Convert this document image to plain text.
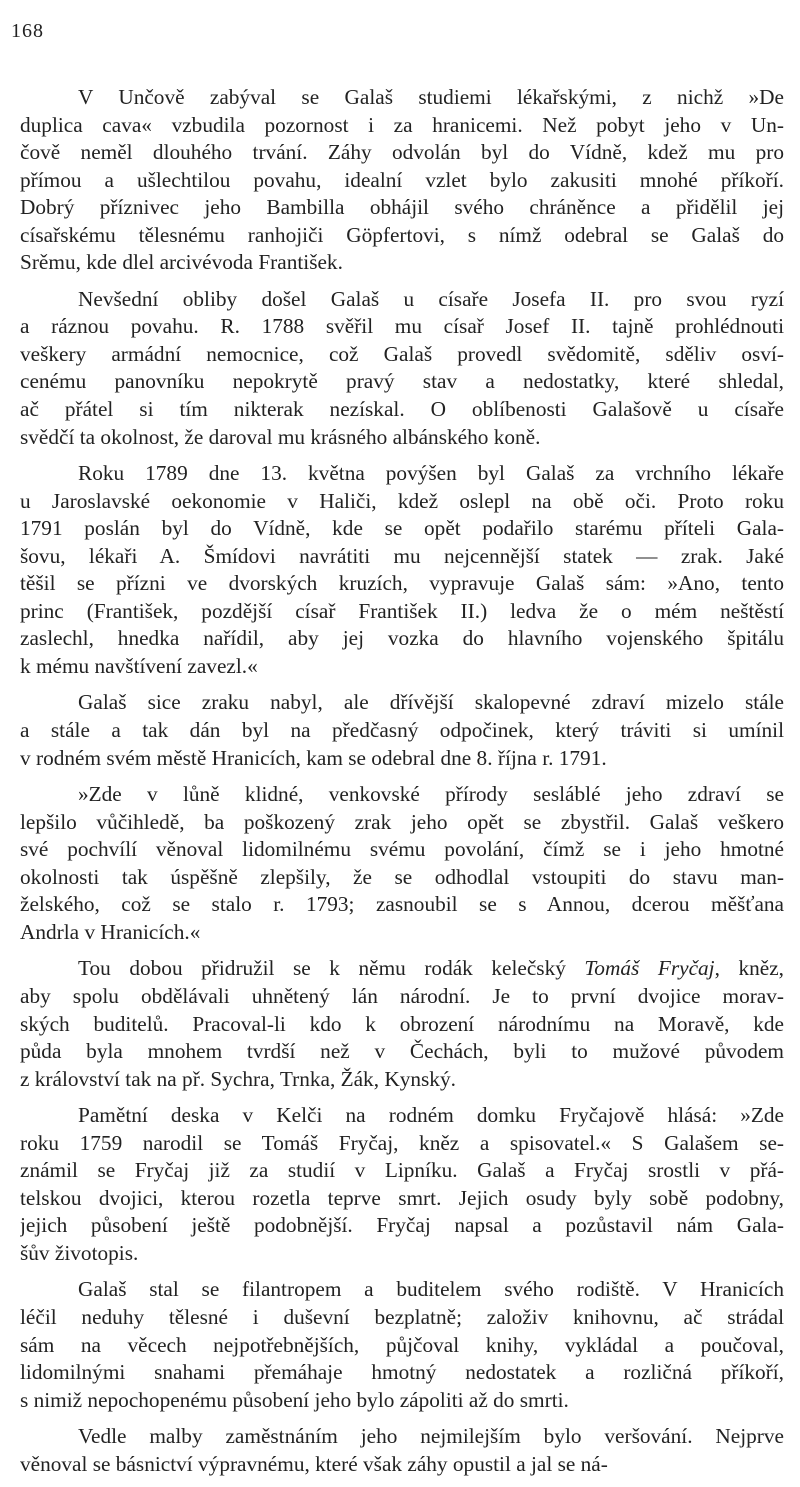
168
V Unčově zabýval se Galaš studiemi lékařskými, z nichž »De
duplica cava« vzbudila pozornost i za hranicemi. Než pobyt jeho v Un-
čově neměl dlouhého trvání. Záhy odvolán byl do Vídně, kdež mu pro
přímou a ušlechtilou povahu, idealní vzlet bylo zakusiti mnohé příkoří.
Dobrý příznivec jeho Bambilla obhájil svého chráněnce a přidělil jej
císařskému tělesnému ranhojiči Göpfertovi, s nímž odebral se Galaš do
Srěmu, kde dlel arcivévoda František.
Nevšední obliby došel Galaš u císaře Josefa II. pro svou ryzí
a ráznou povahu. R. 1788 svěřil mu císař Josef II. tajně prohlédnouti
veškery armádní nemocnice, což Galaš provedl svědomitě, sděliv osví-
cenému panovníku nepokrytě pravý stav a nedostatky, které shledal,
ač přátel si tím nikterak nezískal. O oblíbenosti Galašově u císaře
svědčí ta okolnost, že daroval mu krásného albánského koně.
Roku 1789 dne 13. května povýšen byl Galaš za vrchního lékaře
u Jaroslavské oekonomie v Haliči, kdež oslepl na obě oči. Proto roku
1791 poslán byl do Vídně, kde se opět podařilo starému příteli Gala-
šovu, lékaři A. Šmídovi navrátiti mu nejcennější statek — zrak. Jaké
těšil se přízni ve dvorských kruzích, vypravuje Galaš sám: »Ano, tento
princ (František, pozdější císař František II.) ledva že o mém neštěstí
zaslechl, hnedka nařídil, aby jej vozka do hlavního vojenského špitálu
k mému navštívení zavezl.«
Galaš sice zraku nabyl, ale dřívější skalopevné zdraví mizelo stále
a stále a tak dán byl na předčasný odpočinek, který tráviti si umínil
v rodném svém městě Hranicích, kam se odebral dne 8. října r. 1791.
»Zde v lůně klidné, venkovské přírody sesláblé jeho zdraví se
lepšilo vůčihledě, ba poškozený zrak jeho opět se zbystřil. Galaš veškero
své pochvílí věnoval lidomilnému svému povolání, čímž se i jeho hmotné
okolnosti tak úspěšně zlepšily, že se odhodlal vstoupiti do stavu man-
želského, což se stalo r. 1793; zasnoubil se s Annou, dcerou měšťana
Andrla v Hranicích.«
Tou dobou přidružil se k němu rodák kelečský Tomáš Fryčaj, kněz,
aby spolu obdělávali uhnětený lán národní. Je to první dvojice morav-
ských buditelů. Pracoval-li kdo k obrození národnímu na Moravě, kde
půda byla mnohem tvrdší než v Čechách, byli to mužové původem
z království tak na př. Sychra, Trnka, Žák, Kynský.
Pamětní deska v Kelči na rodném domku Fryčajově hlásá: »Zde
roku 1759 narodil se Tomáš Fryčaj, kněz a spisovatel.« S Galašem se-
známil se Fryčaj již za studií v Lipníku. Galaš a Fryčaj srostli v přá-
telskou dvojici, kterou rozetla teprve smrt. Jejich osudy byly sobě podobny,
jejich působení ještě podobnější. Fryčaj napsal a pozůstavil nám Gala-
šův životopis.
Galaš stal se filantropem a buditelem svého rodiště. V Hranicích
léčil neduhy tělesné i duševní bezplatně; založiv knihovnu, ač strádal
sám na věcech nejpotřebnějších, půjčoval knihy, vykládal a poučoval,
lidomilnými snahami přemáhaje hmotný nedostatek a rozličná příkoří,
s nimiž nepochopenému působení jeho bylo zápoliti až do smrti.
Vedle malby zaměstnáním jeho nejmilejším bylo veršování. Nejprve
věnoval se básnictví výpravnému, které však záhy opustil a jal se ná-
